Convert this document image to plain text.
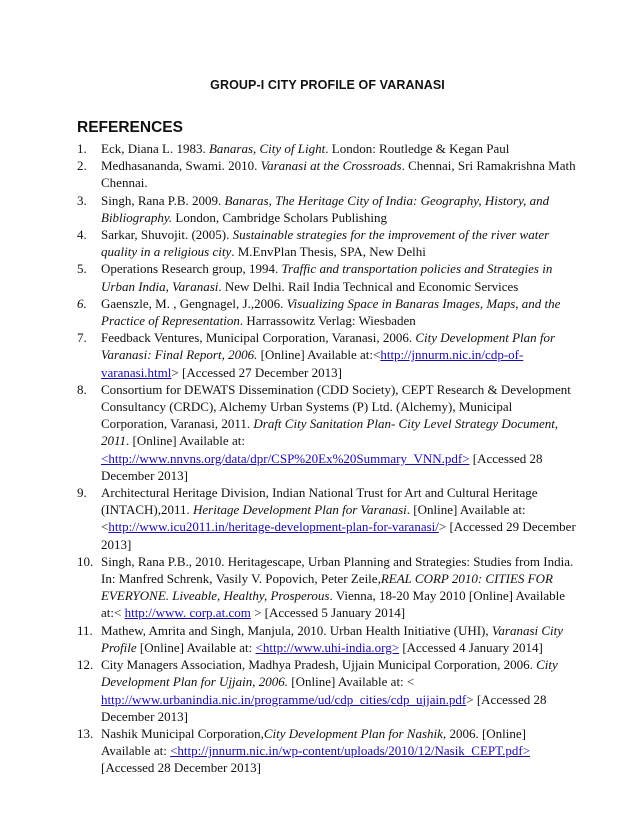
GROUP-I CITY PROFILE OF VARANASI
REFERENCES
1. Eck, Diana L. 1983. Banaras, City of Light. London: Routledge & Kegan Paul
2. Medhasananda, Swami. 2010. Varanasi at the Crossroads. Chennai, Sri Ramakrishna Math Chennai.
3. Singh, Rana P.B. 2009. Banaras, The Heritage City of India: Geography, History, and Bibliography. London, Cambridge Scholars Publishing
4. Sarkar, Shuvojit. (2005). Sustainable strategies for the improvement of the river water quality in a religious city. M.EnvPlan Thesis, SPA, New Delhi
5. Operations Research group, 1994. Traffic and transportation policies and Strategies in Urban India, Varanasi. New Delhi. Rail India Technical and Economic Services
6. Gaenszle, M. , Gengnagel, J.,2006. Visualizing Space in Banaras Images, Maps, and the Practice of Representation. Harrassowitz Verlag: Wiesbaden
7. Feedback Ventures, Municipal Corporation, Varanasi, 2006. City Development Plan for Varanasi: Final Report, 2006. [Online] Available at:<http://jnnurm.nic.in/cdp-of-varanasi.html> [Accessed 27 December 2013]
8. Consortium for DEWATS Dissemination (CDD Society), CEPT Research & Development Consultancy (CRDC), Alchemy Urban Systems (P) Ltd. (Alchemy), Municipal Corporation, Varanasi, 2011. Draft City Sanitation Plan- City Level Strategy Document, 2011. [Online] Available at: <http://www.nnvns.org/data/dpr/CSP%20Ex%20Summary_VNN.pdf> [Accessed 28 December 2013]
9. Architectural Heritage Division, Indian National Trust for Art and Cultural Heritage (INTACH),2011. Heritage Development Plan for Varanasi. [Online] Available at: <http://www.icu2011.in/heritage-development-plan-for-varanasi/> [Accessed 29 December 2013]
10. Singh, Rana P.B., 2010. Heritagescape, Urban Planning and Strategies: Studies from India. In: Manfred Schrenk, Vasily V. Popovich, Peter Zeile,REAL CORP 2010: CITIES FOR EVERYONE. Liveable, Healthy, Prosperous. Vienna, 18-20 May 2010 [Online] Available at:< http://www. corp.at.com > [Accessed 5 January 2014]
11. Mathew, Amrita and Singh, Manjula, 2010. Urban Health Initiative (UHI), Varanasi City Profile [Online] Available at: <http://www.uhi-india.org> [Accessed 4 January 2014]
12. City Managers Association, Madhya Pradesh, Ujjain Municipal Corporation, 2006. City Development Plan for Ujjain, 2006. [Online] Available at: < http://www.urbanindia.nic.in/programme/ud/cdp_cities/cdp_ujjain.pdf> [Accessed 28 December 2013]
13. Nashik Municipal Corporation,City Development Plan for Nashik, 2006. [Online] Available at: <http://jnnurm.nic.in/wp-content/uploads/2010/12/Nasik_CEPT.pdf> [Accessed 28 December 2013]
